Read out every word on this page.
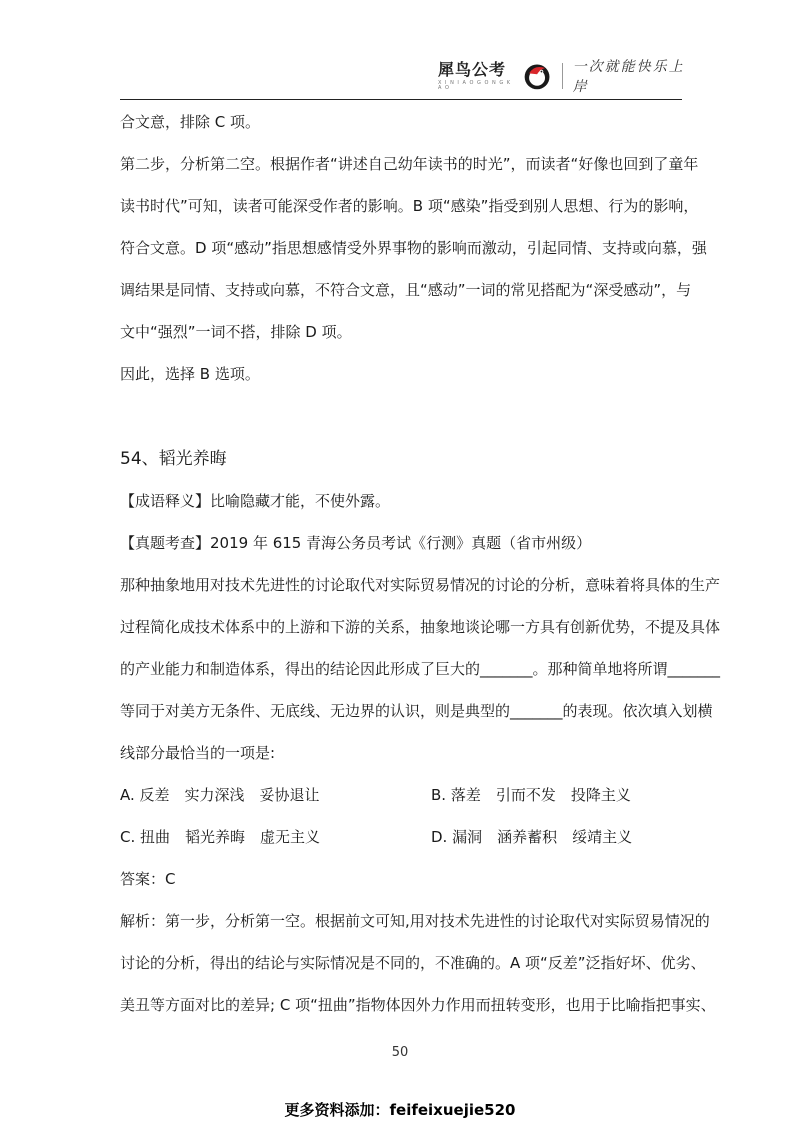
犀鸟公考
X I N I A O G O N G K A O
一次就能快乐上岸

合文意，排除 C 项。

第二步，分析第二空。根据作者“讲述自己幼年读书的时光”，而读者“好像也回到了童年

读书时代”可知，读者可能深受作者的影响。B 项“感染”指受到别人思想、行为的影响，

符合文意。D 项“感动”指思想感情受外界事物的影响而激动，引起同情、支持或向慕，强

调结果是同情、支持或向慕，不符合文意，且“感动”一词的常见搭配为“深受感动”，与

文中“强烈”一词不搭，排除 D 项。

因此，选择 B 选项。

54、韬光养晦

【成语释义】比喻隐藏才能，不使外露。

【真题考查】2019 年 615 青海公务员考试《行测》真题（省市州级）

那种抽象地用对技术先进性的讨论取代对实际贸易情况的讨论的分析，意味着将具体的生产

过程简化成技术体系中的上游和下游的关系，抽象地谈论哪一方具有创新优势，不提及具体

的产业能力和制造体系，得出的结论因此形成了巨大的_______。那种简单地将所谓_______

等同于对美方无条件、无底线、无边界的认识，则是典型的_______的表现。依次填入划横

线部分最恰当的一项是:

A. 反差　实力深浅　妥协退让	B. 落差　引而不发　投降主义
C. 扭曲　韬光养晦　虚无主义	D. 漏洞　涵养蓄积　绥靖主义

答案：C

解析：第一步，分析第一空。根据前文可知,用对技术先进性的讨论取代对实际贸易情况的

讨论的分析，得出的结论与实际情况是不同的，不准确的。A 项“反差”泛指好坏、优劣、

美丑等方面对比的差异; C 项“扭曲”指物体因外力作用而扭转变形，也用于比喻指把事实、

50
更多资料添加：feifeixuejie520
